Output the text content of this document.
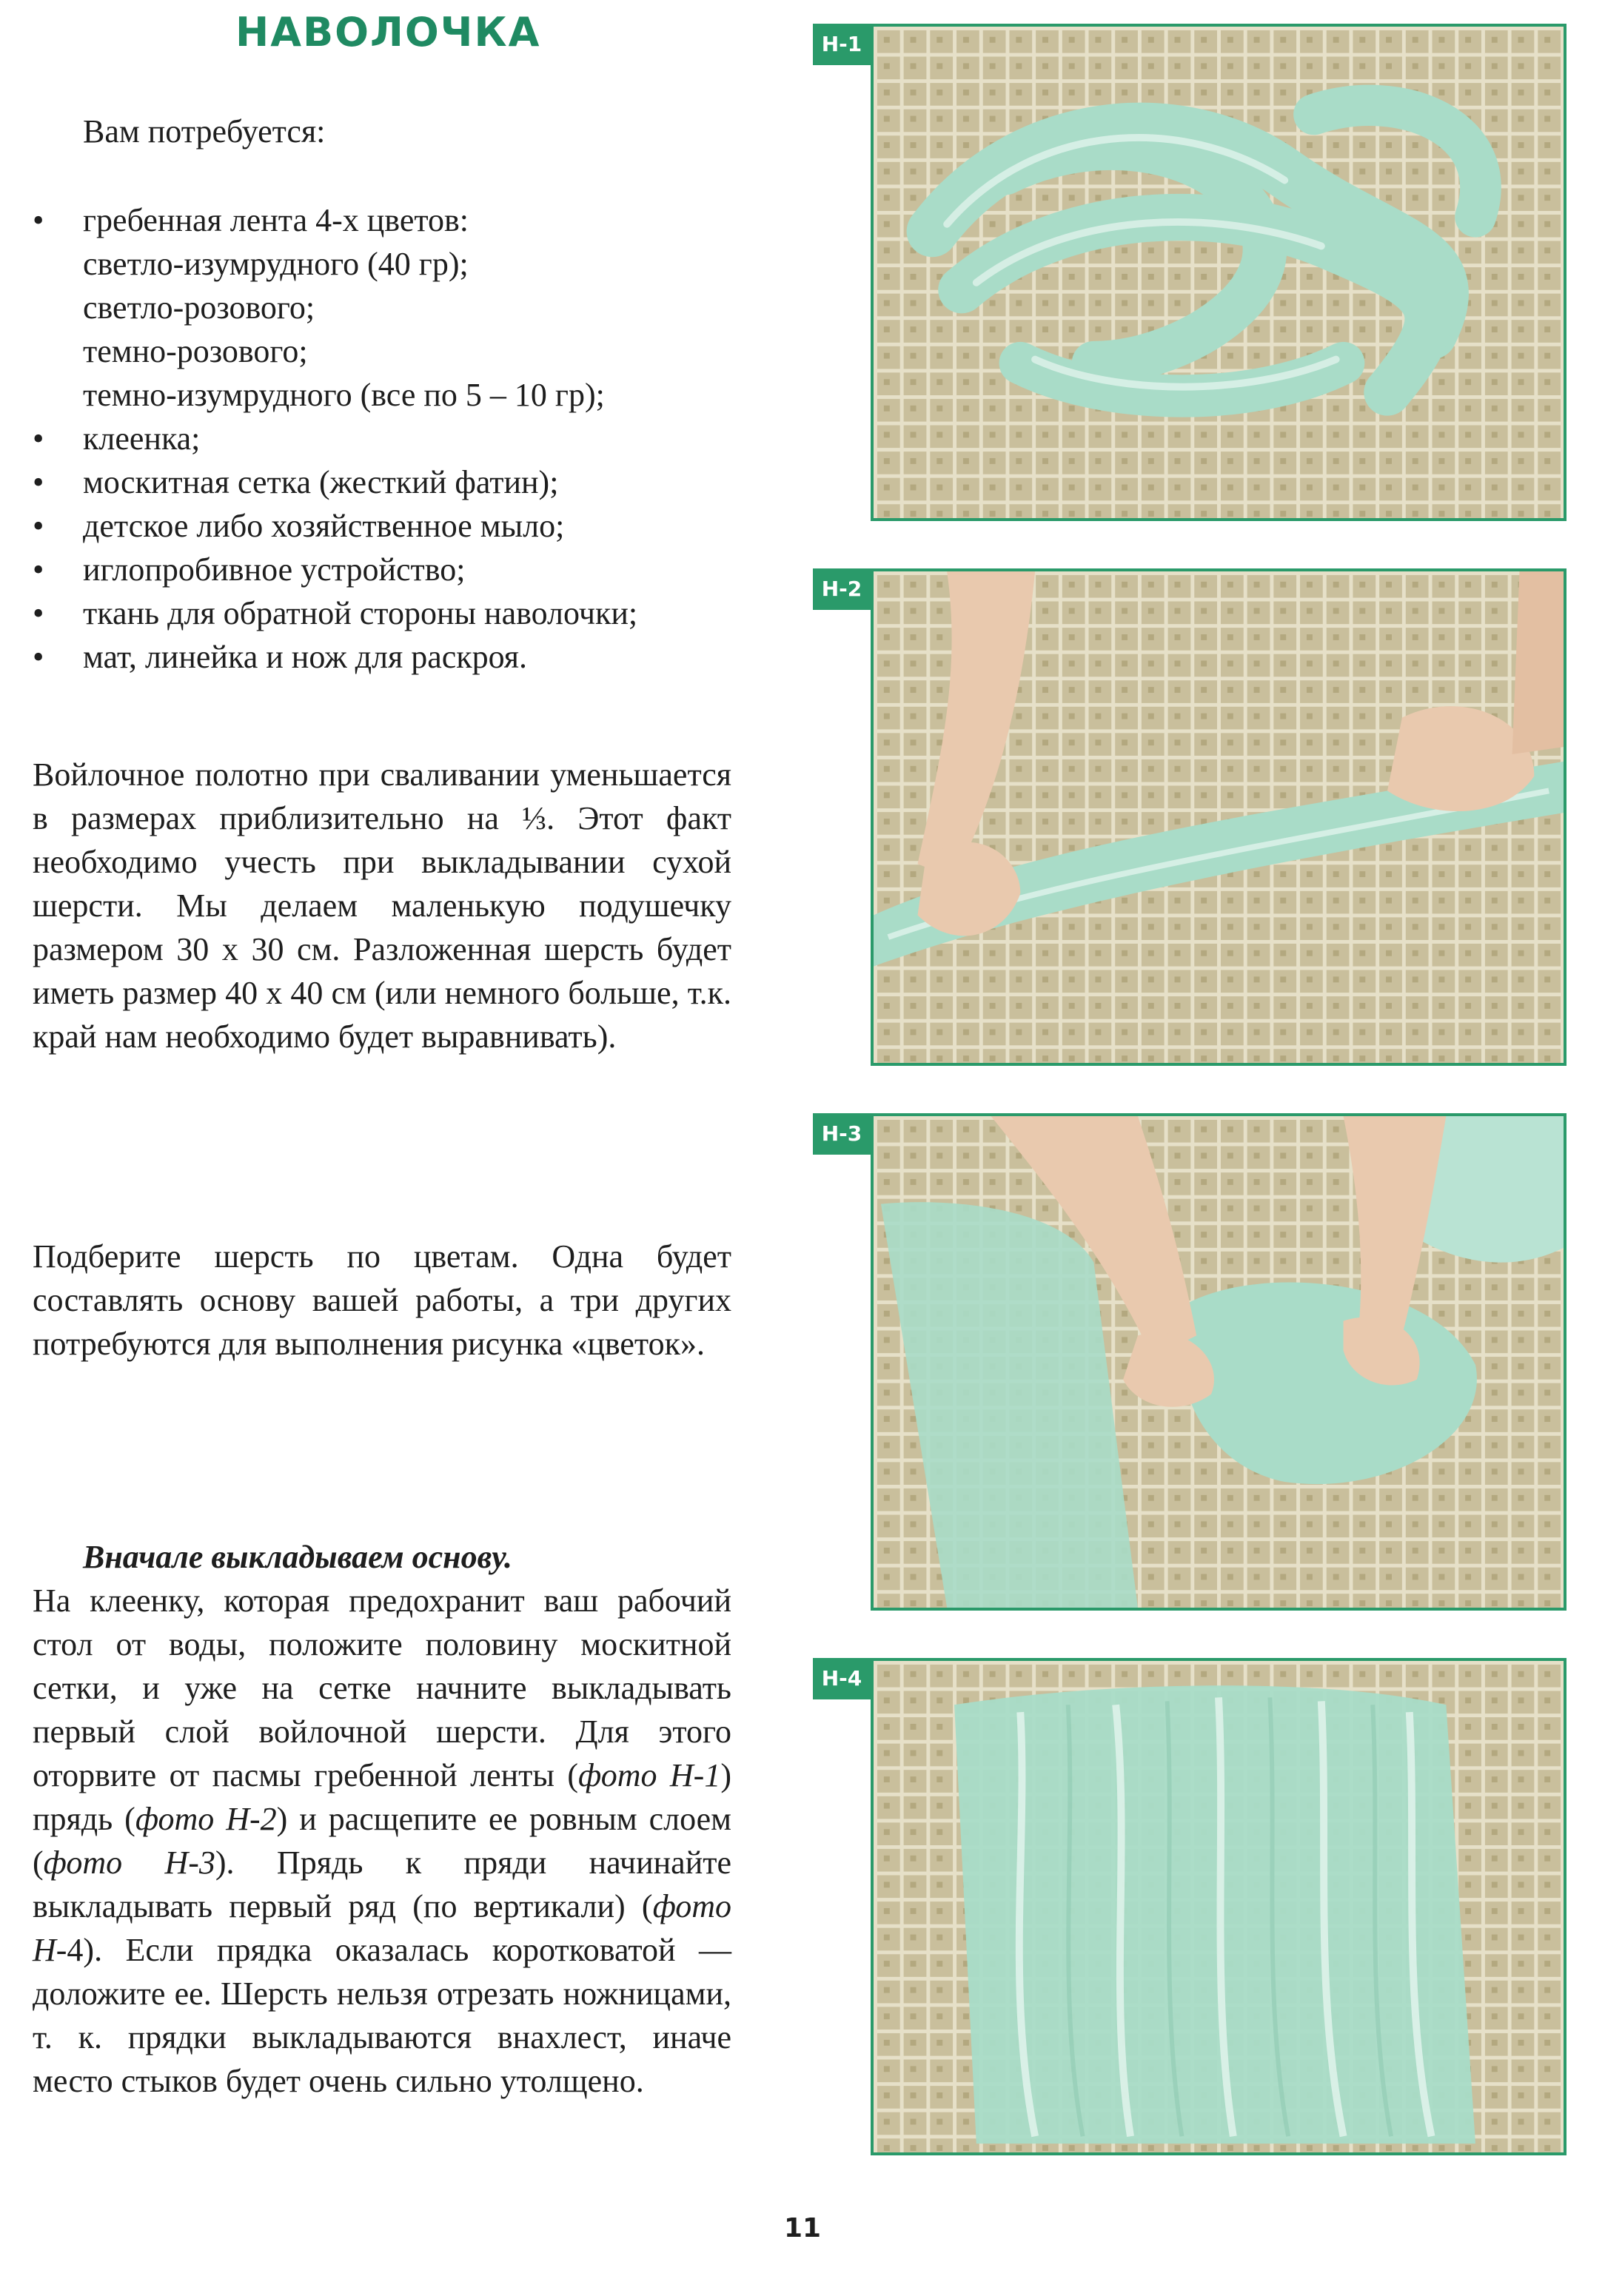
НАВОЛОЧКА
Вам потребуется:
• гребенная лента 4-х цветов:
светло-изумрудного (40 гр);
светло-розового;
темно-розового;
темно-изумрудного (все по 5 – 10 гр);
• клеенка;
• москитная сетка (жесткий фатин);
• детское либо хозяйственное мыло;
• иглопробивное устройство;
• ткань для обратной стороны наволочки;
• мат, линейка и нож для раскроя.

Войлочное полотно при сваливании уменьшается в размерах приблизительно на ⅓. Этот факт необходимо учесть при выкладывании сухой шерсти. Мы делаем маленькую подушечку размером 30 х 30 см. Разложенная шерсть будет иметь размер 40 х 40 см (или немного больше, т.к. край нам необходимо будет выравнивать).

Подберите шерсть по цветам. Одна будет составлять основу вашей работы, а три других потребуются для выполнения рисунка «цветок».

Вначале выкладываем основу.
На клеенку, которая предохранит ваш рабочий стол от воды, положите половину москитной сетки, и уже на сетке начните выкладывать первый слой войлочной шерсти. Для этого оторвите от пасмы гребенной ленты (фото Н-1) прядь (фото Н-2) и расщепите ее ровным слоем (фото Н-3). Прядь к пряди начинайте выкладывать первый ряд (по вертикали) (фото Н-4). Если прядка оказалась коротковатой — доложите ее. Шерсть нельзя отрезать ножницами, т. к. прядки выкладываются внахлест, иначе место стыков будет очень сильно утолщено.

Н-1
Н-2
Н-3
Н-4
11
